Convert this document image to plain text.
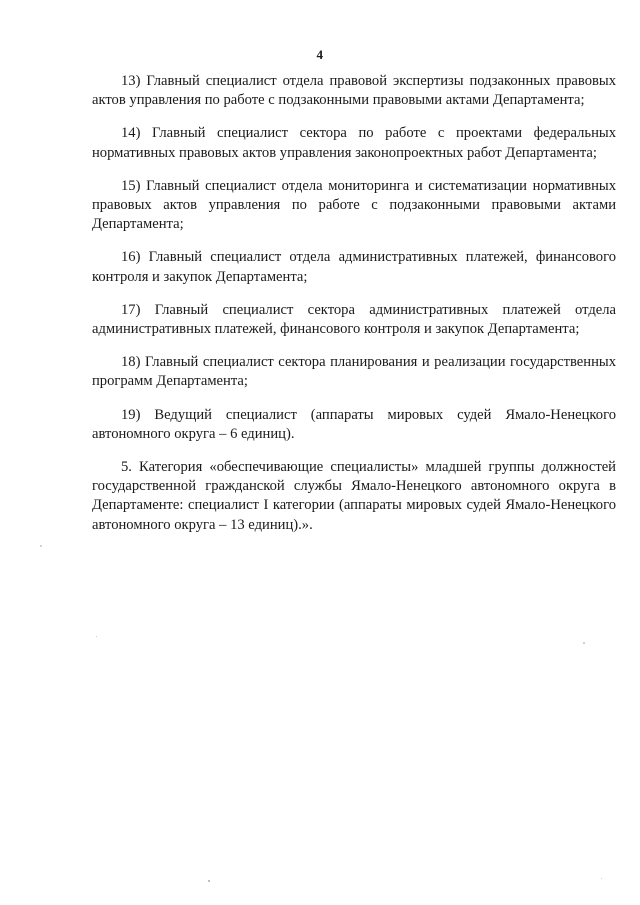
4

13) Главный специалист отдела правовой экспертизы подзаконных правовых актов управления по работе с подзаконными правовыми актами Департамента;

14) Главный специалист сектора по работе с проектами федеральных нормативных правовых актов управления законопроектных работ Департамента;

15) Главный специалист отдела мониторинга и систематизации нормативных правовых актов управления по работе с подзаконными правовыми актами Департамента;

16) Главный специалист отдела административных платежей, финансового контроля и закупок Департамента;

17) Главный специалист сектора административных платежей отдела административных платежей, финансового контроля и закупок Департамента;

18) Главный специалист сектора планирования и реализации государственных программ Департамента;

19) Ведущий специалист (аппараты мировых судей Ямало-Ненецкого автономного округа – 6 единиц).

5. Категория «обеспечивающие специалисты» младшей группы должностей государственной гражданской службы Ямало-Ненецкого автономного округа в Департаменте: специалист I категории (аппараты мировых судей Ямало-Ненецкого автономного округа – 13 единиц).».
